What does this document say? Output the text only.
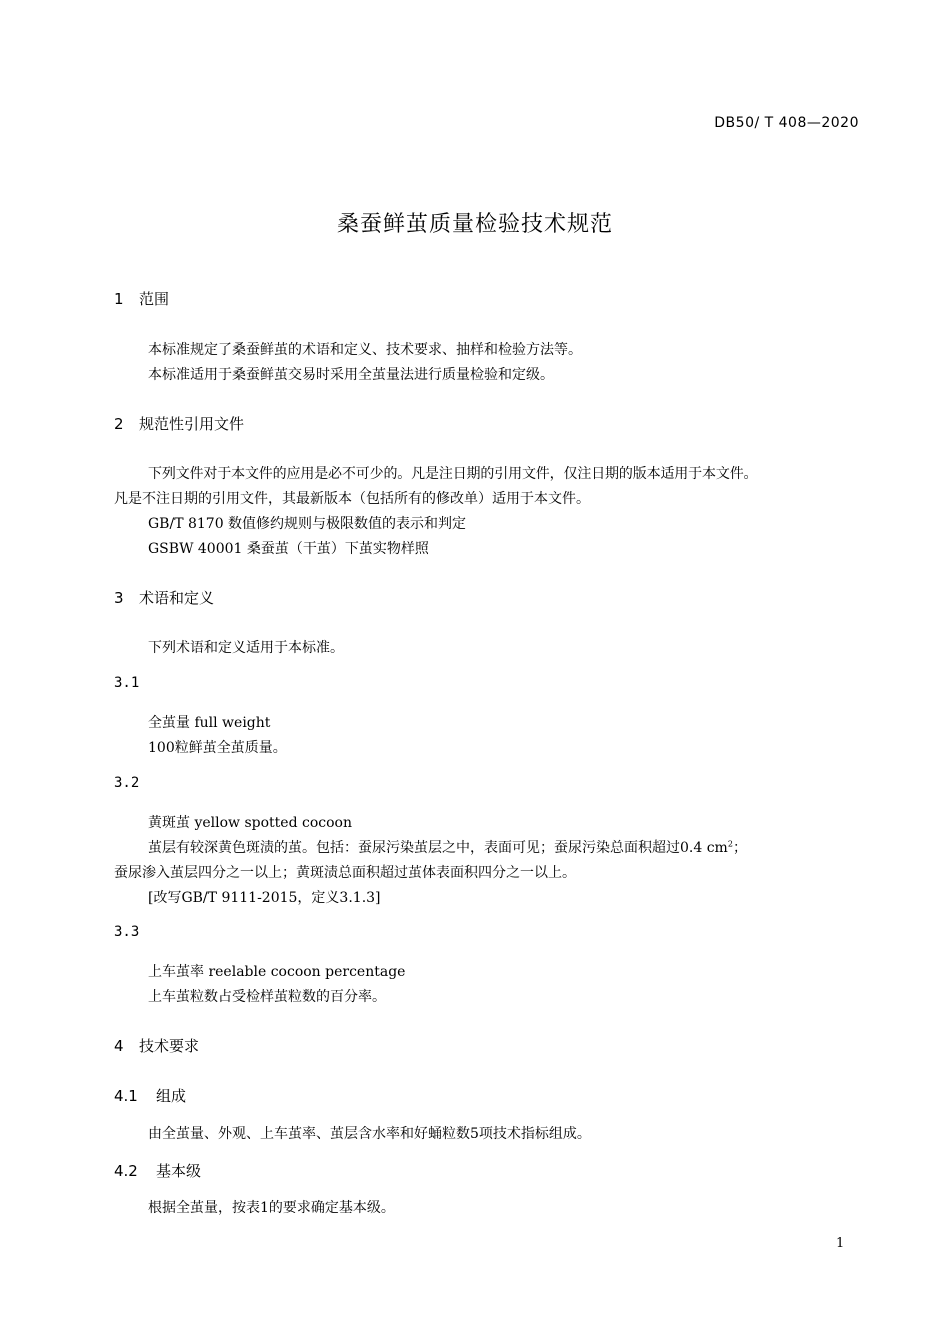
DB50/ T 408—2020
桑蚕鲜茧质量检验技术规范
1 范围
本标准规定了桑蚕鲜茧的术语和定义、技术要求、抽样和检验方法等。
本标准适用于桑蚕鲜茧交易时采用全茧量法进行质量检验和定级。
2 规范性引用文件
下列文件对于本文件的应用是必不可少的。凡是注日期的引用文件，仅注日期的版本适用于本文件。
凡是不注日期的引用文件，其最新版本（包括所有的修改单）适用于本文件。
GB/T 8170 数值修约规则与极限数值的表示和判定
GSBW 40001 桑蚕茧（干茧）下茧实物样照
3 术语和定义
下列术语和定义适用于本标准。
3.1
全茧量 full weight
100粒鲜茧全茧质量。
3.2
黄斑茧 yellow spotted cocoon
茧层有较深黄色斑渍的茧。包括：蚕尿污染茧层之中，表面可见；蚕尿污染总面积超过0.4 $cm^2$；
蚕尿渗入茧层四分之一以上；黄斑渍总面积超过茧体表面积四分之一以上。
[改写GB/T 9111-2015，定义3.1.3]
3.3
上车茧率 reelable cocoon percentage
上车茧粒数占受检样茧粒数的百分率。
4 技术要求
4.1 组成
由全茧量、外观、上车茧率、茧层含水率和好蛹粒数5项技术指标组成。
4.2 基本级
根据全茧量，按表1的要求确定基本级。
1
